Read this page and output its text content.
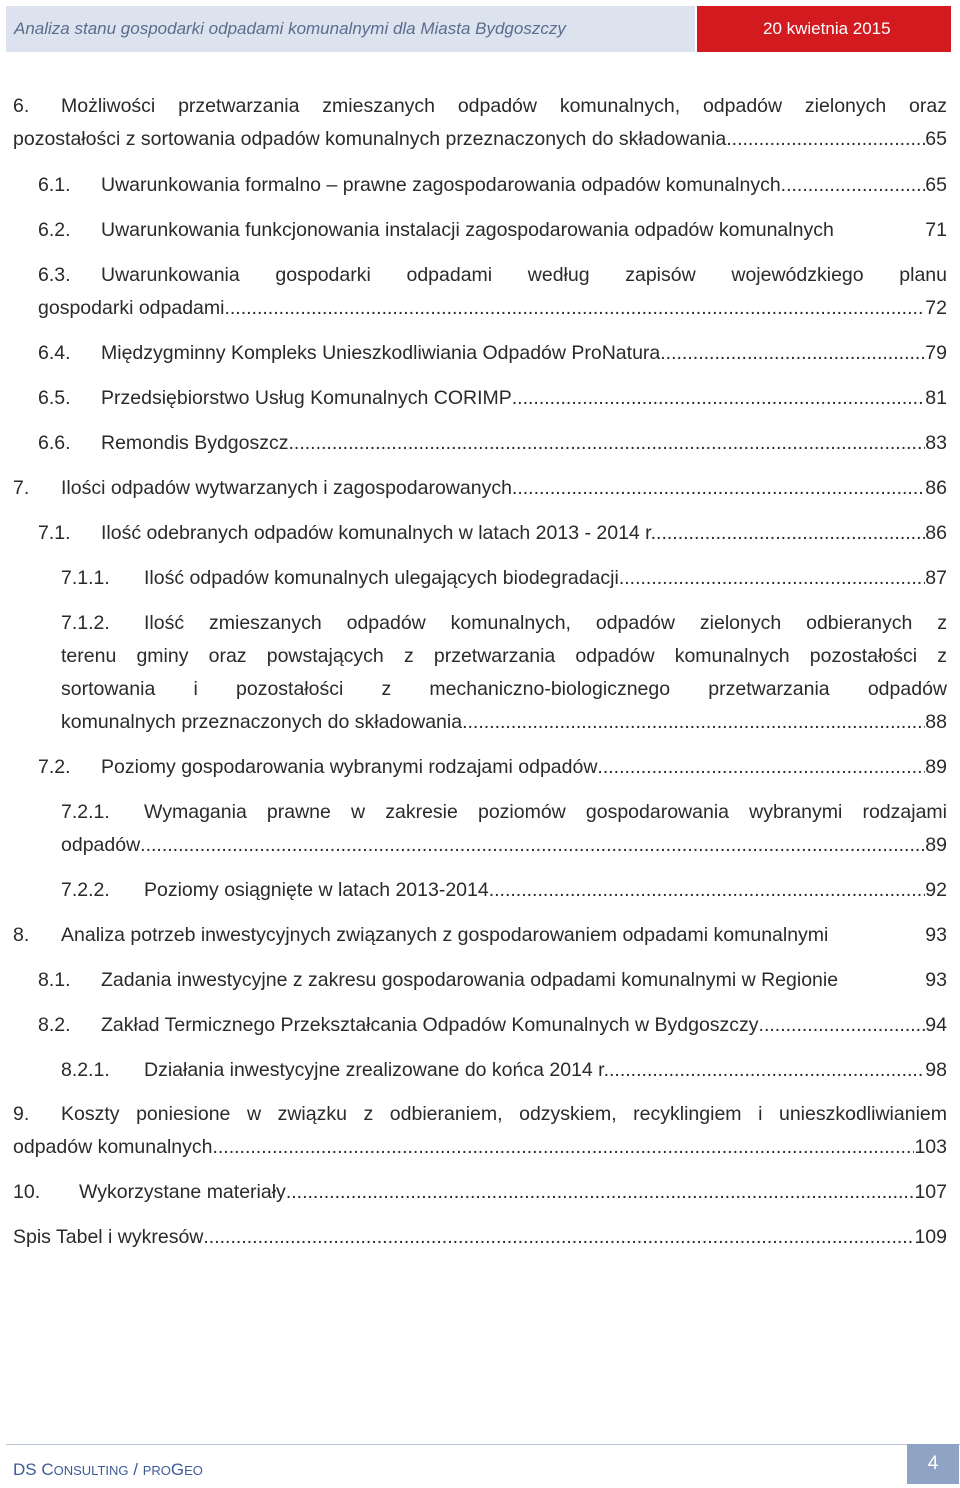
Analiza stanu gospodarki odpadami komunalnymi dla Miasta Bydgoszczy	20 kwietnia 2015
6. Możliwości przetwarzania zmieszanych odpadów komunalnych, odpadów zielonych oraz
pozostałości z sortowania odpadów komunalnych przeznaczonych do składowania .....	65
6.1.	Uwarunkowania formalno – prawne zagospodarowania odpadów komunalnych .....	65
6.2.	Uwarunkowania funkcjonowania instalacji zagospodarowania odpadów komunalnych	71
6.3. Uwarunkowania gospodarki odpadami według zapisów wojewódzkiego planu
gospodarki odpadami .....	72
6.4.	Międzygminny Kompleks Unieszkodliwiania Odpadów ProNatura .....	79
6.5.	Przedsiębiorstwo Usług Komunalnych CORIMP .....	81
6.6.	Remondis Bydgoszcz .....	83
7.	Ilości odpadów wytwarzanych i zagospodarowanych .....	86
7.1.	Ilość odebranych odpadów komunalnych w latach 2013 - 2014 r. .....	86
7.1.1.	Ilość odpadów komunalnych ulegających biodegradacji .....	87
7.1.2. Ilość zmieszanych odpadów komunalnych, odpadów zielonych odbieranych z
terenu gminy oraz powstających z przetwarzania odpadów komunalnych pozostałości z
sortowania i pozostałości z mechaniczno-biologicznego przetwarzania odpadów
komunalnych przeznaczonych do składowania .....	88
7.2.	Poziomy gospodarowania wybranymi rodzajami odpadów .....	89
7.2.1. Wymagania prawne w zakresie poziomów gospodarowania wybranymi rodzajami
odpadów .....	89
7.2.2.	Poziomy osiągnięte w latach 2013-2014 .....	92
8.	Analiza potrzeb inwestycyjnych związanych z gospodarowaniem odpadami komunalnymi	93
8.1.	Zadania inwestycyjne z zakresu gospodarowania odpadami komunalnymi w Regionie	93
8.2.	Zakład Termicznego Przekształcania Odpadów Komunalnych w Bydgoszczy .....	94
8.2.1.	Działania inwestycyjne zrealizowane do końca 2014 r. .....	98
9. Koszty poniesione w związku z odbieraniem, odzyskiem, recyklingiem i unieszkodliwianiem
odpadów komunalnych .....	103
10.	Wykorzystane materiały .....	107
Spis Tabel i wykresów .....	109
DS CONSULTING / PROGEO	4
